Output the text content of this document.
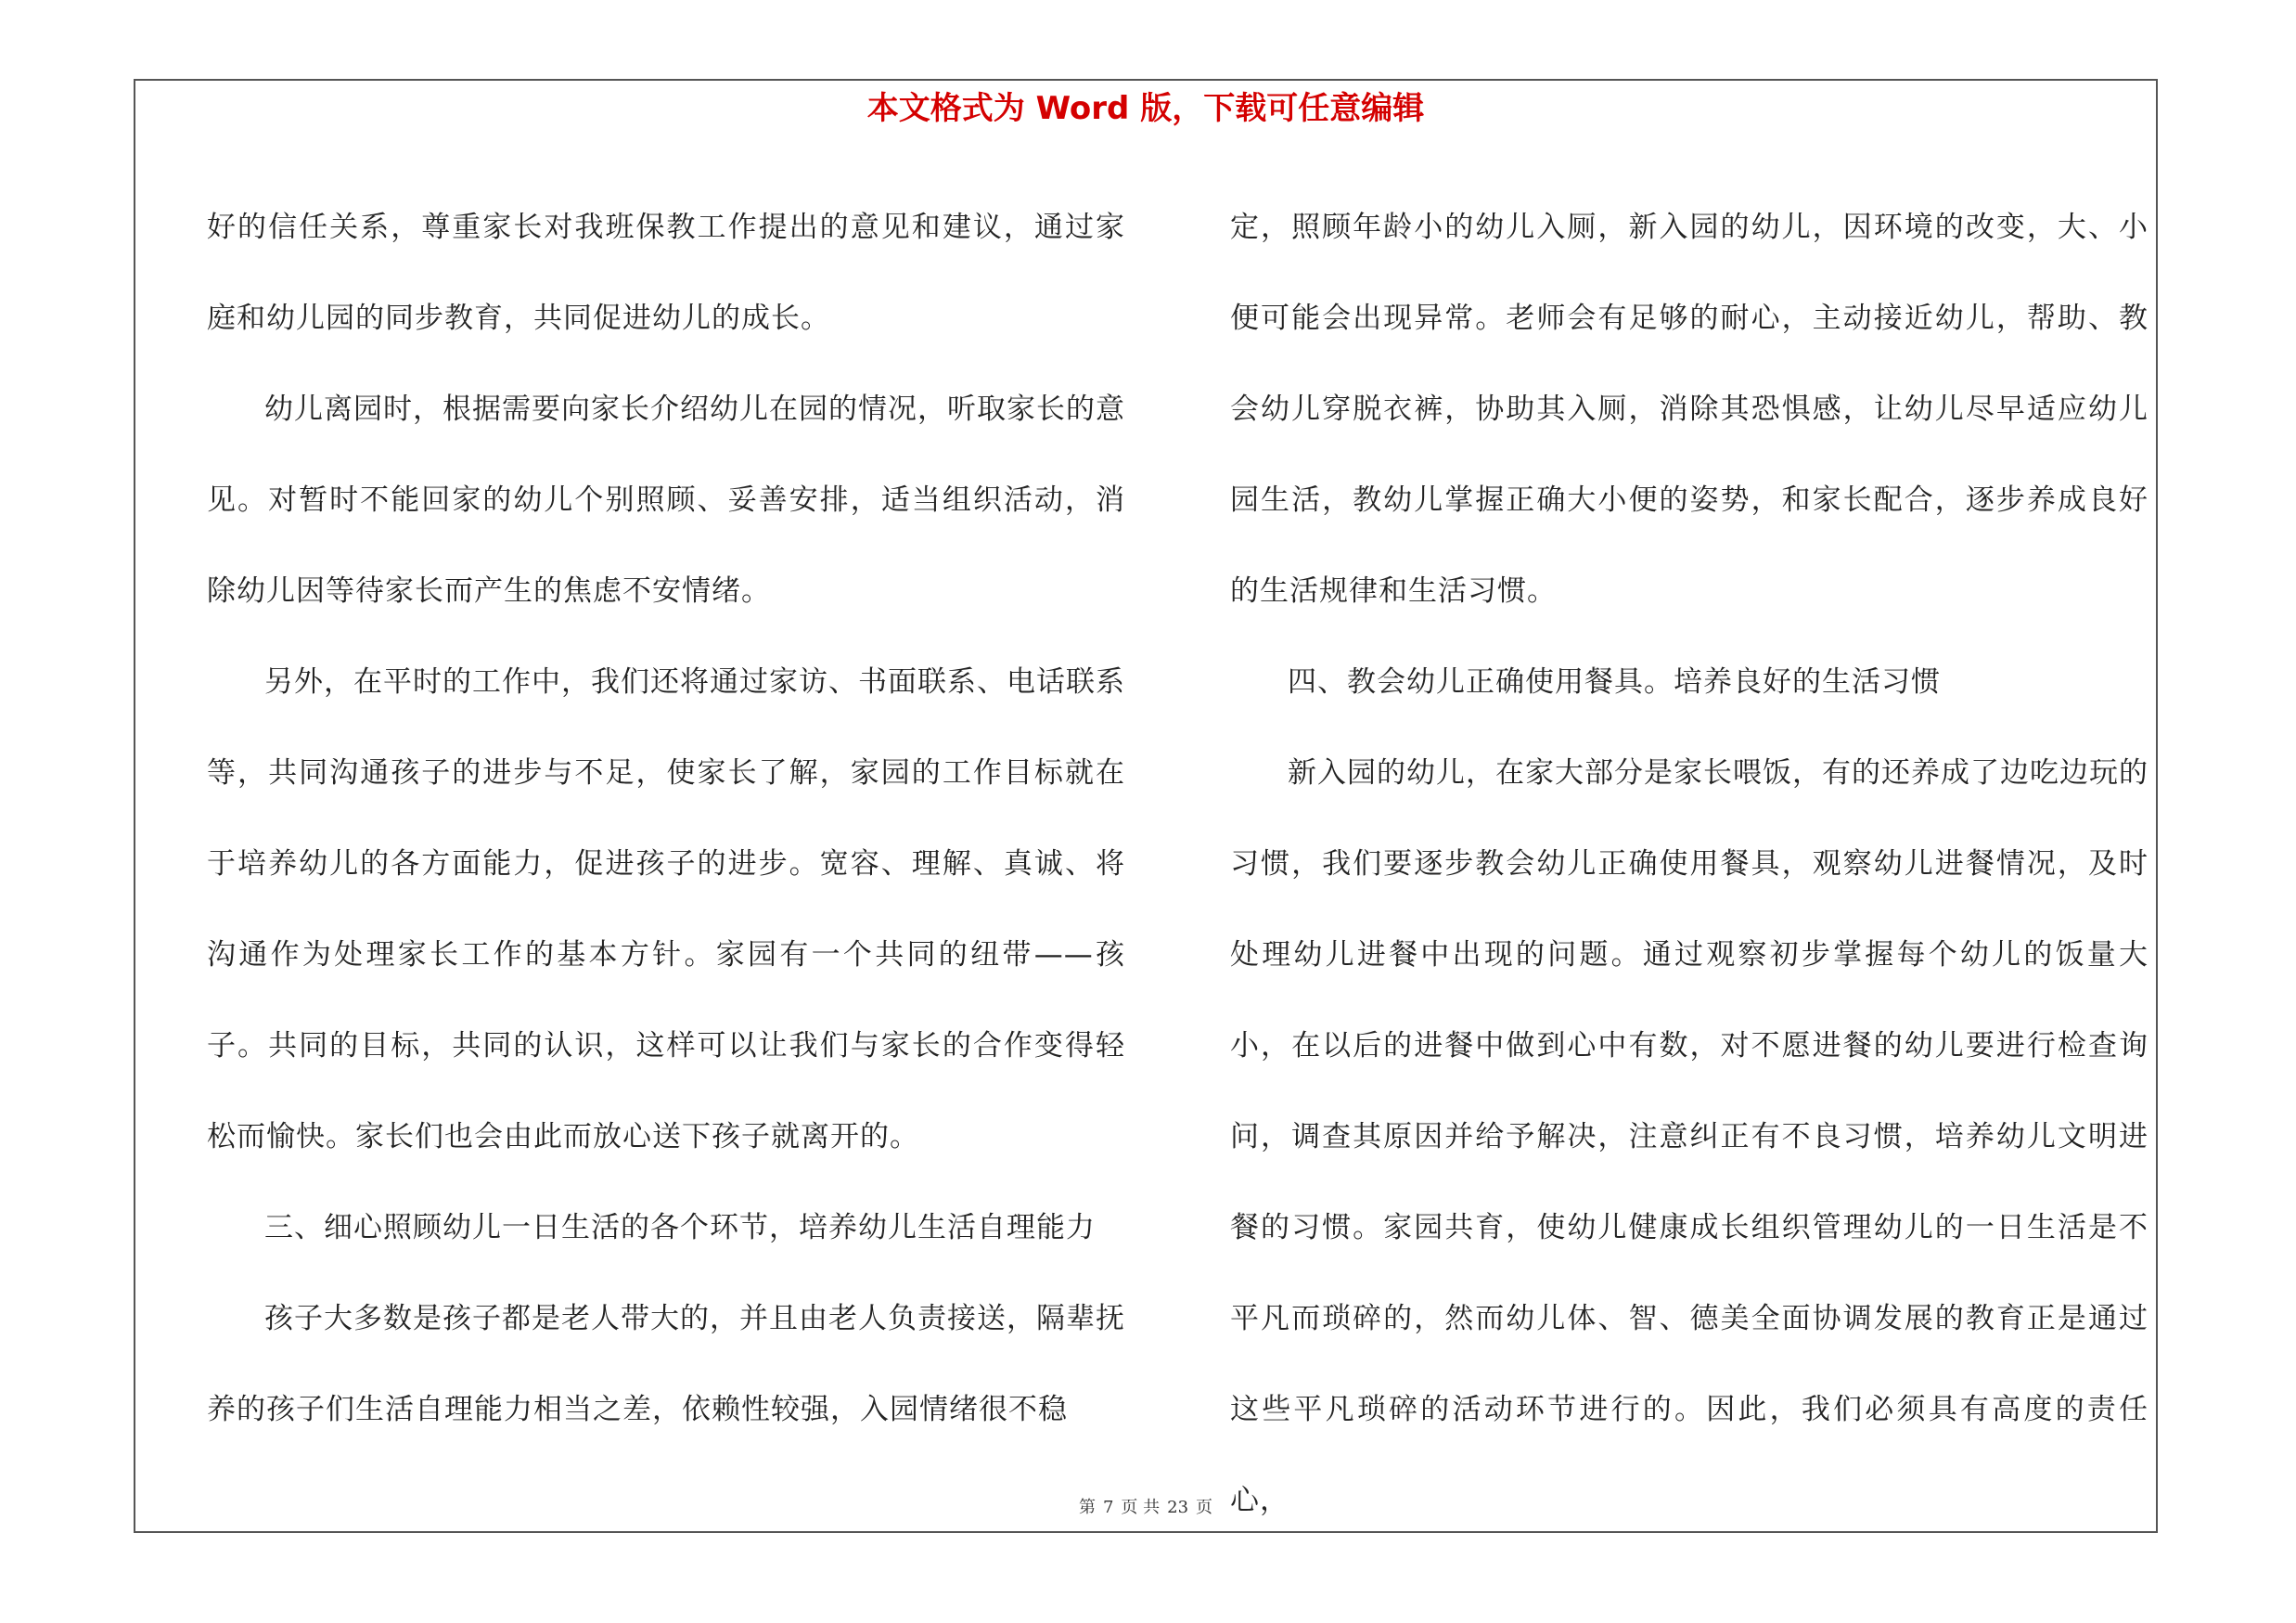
本文格式为 Word 版，下载可任意编辑

好的信任关系，尊重家长对我班保教工作提出的意见和建议，通过家庭和幼儿园的同步教育，共同促进幼儿的成长。

幼儿离园时，根据需要向家长介绍幼儿在园的情况，听取家长的意见。对暂时不能回家的幼儿个别照顾、妥善安排，适当组织活动，消除幼儿因等待家长而产生的焦虑不安情绪。

另外，在平时的工作中，我们还将通过家访、书面联系、电话联系等，共同沟通孩子的进步与不足，使家长了解，家园的工作目标就在于培养幼儿的各方面能力，促进孩子的进步。宽容、理解、真诚、将沟通作为处理家长工作的基本方针。家园有一个共同的纽带——孩子。共同的目标，共同的认识，这样可以让我们与家长的合作变得轻松而愉快。家长们也会由此而放心送下孩子就离开的。

三、细心照顾幼儿一日生活的各个环节，培养幼儿生活自理能力

孩子大多数是孩子都是老人带大的，并且由老人负责接送，隔辈抚养的孩子们生活自理能力相当之差，依赖性较强，入园情绪很不稳

定，照顾年龄小的幼儿入厕，新入园的幼儿，因环境的改变，大、小便可能会出现异常。老师会有足够的耐心，主动接近幼儿，帮助、教会幼儿穿脱衣裤，协助其入厕，消除其恐惧感，让幼儿尽早适应幼儿园生活，教幼儿掌握正确大小便的姿势，和家长配合，逐步养成良好的生活规律和生活习惯。

四、教会幼儿正确使用餐具。培养良好的生活习惯

新入园的幼儿，在家大部分是家长喂饭，有的还养成了边吃边玩的习惯，我们要逐步教会幼儿正确使用餐具，观察幼儿进餐情况，及时处理幼儿进餐中出现的问题。通过观察初步掌握每个幼儿的饭量大小，在以后的进餐中做到心中有数，对不愿进餐的幼儿要进行检查询问，调查其原因并给予解决，注意纠正有不良习惯，培养幼儿文明进餐的习惯。家园共育，使幼儿健康成长组织管理幼儿的一日生活是不平凡而琐碎的，然而幼儿体、智、德美全面协调发展的教育正是通过这些平凡琐碎的活动环节进行的。因此，我们必须具有高度的责任心，

第 7 页 共 23 页
